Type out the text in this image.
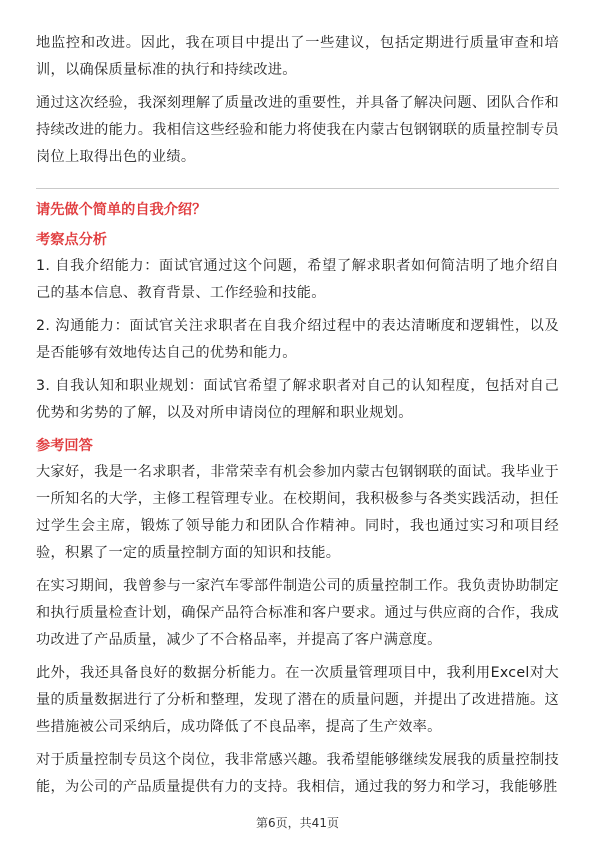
地监控和改进。因此，我在项目中提出了一些建议，包括定期进行质量审查和培训，以确保质量标准的执行和持续改进。

通过这次经验，我深刻理解了质量改进的重要性，并具备了解决问题、团队合作和持续改进的能力。我相信这些经验和能力将使我在内蒙古包钢钢联的质量控制专员岗位上取得出色的业绩。

请先做个简单的自我介绍？

考察点分析

1. 自我介绍能力：面试官通过这个问题，希望了解求职者如何简洁明了地介绍自己的基本信息、教育背景、工作经验和技能。

2. 沟通能力：面试官关注求职者在自我介绍过程中的表达清晰度和逻辑性，以及是否能够有效地传达自己的优势和能力。

3. 自我认知和职业规划：面试官希望了解求职者对自己的认知程度，包括对自己优势和劣势的了解，以及对所申请岗位的理解和职业规划。

参考回答

大家好，我是一名求职者，非常荣幸有机会参加内蒙古包钢钢联的面试。我毕业于一所知名的大学，主修工程管理专业。在校期间，我积极参与各类实践活动，担任过学生会主席，锻炼了领导能力和团队合作精神。同时，我也通过实习和项目经验，积累了一定的质量控制方面的知识和技能。

在实习期间，我曾参与一家汽车零部件制造公司的质量控制工作。我负责协助制定和执行质量检查计划，确保产品符合标准和客户要求。通过与供应商的合作，我成功改进了产品质量，减少了不合格品率，并提高了客户满意度。

此外，我还具备良好的数据分析能力。在一次质量管理项目中，我利用Excel对大量的质量数据进行了分析和整理，发现了潜在的质量问题，并提出了改进措施。这些措施被公司采纳后，成功降低了不良品率，提高了生产效率。

对于质量控制专员这个岗位，我非常感兴趣。我希望能够继续发展我的质量控制技能，为公司的产品质量提供有力的支持。我相信，通过我的努力和学习，我能够胜

第6页，共41页
